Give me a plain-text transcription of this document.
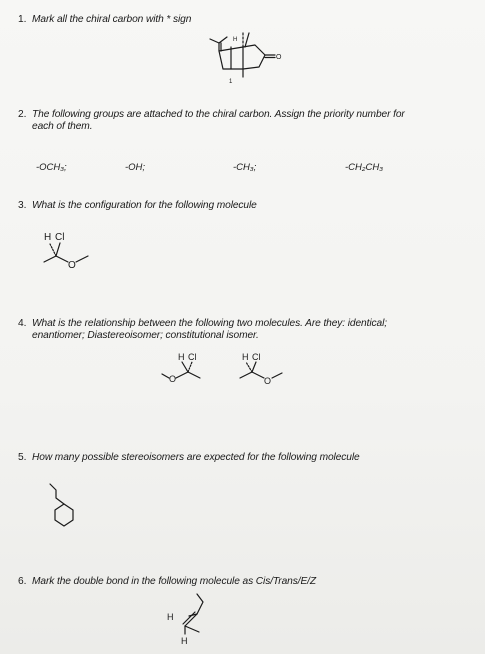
1. Mark all the chiral carbon with * sign
H
O
1
2. The following groups are attached to the chiral carbon. Assign the priority number for
each of them.
-OCH₃;	-OH;	-CH₃;	-CH₂CH₃
3. What is the configuration for the following molecule
H Cl
O
4. What is the relationship between the following two molecules. Are they: identical;
enantiomer; Diastereoisomer; constitutional isomer.
H Cl
O
H Cl
O
5. How many possible stereoisomers are expected for the following molecule
6. Mark the double bond in the following molecule as Cis/Trans/E/Z
H
H
